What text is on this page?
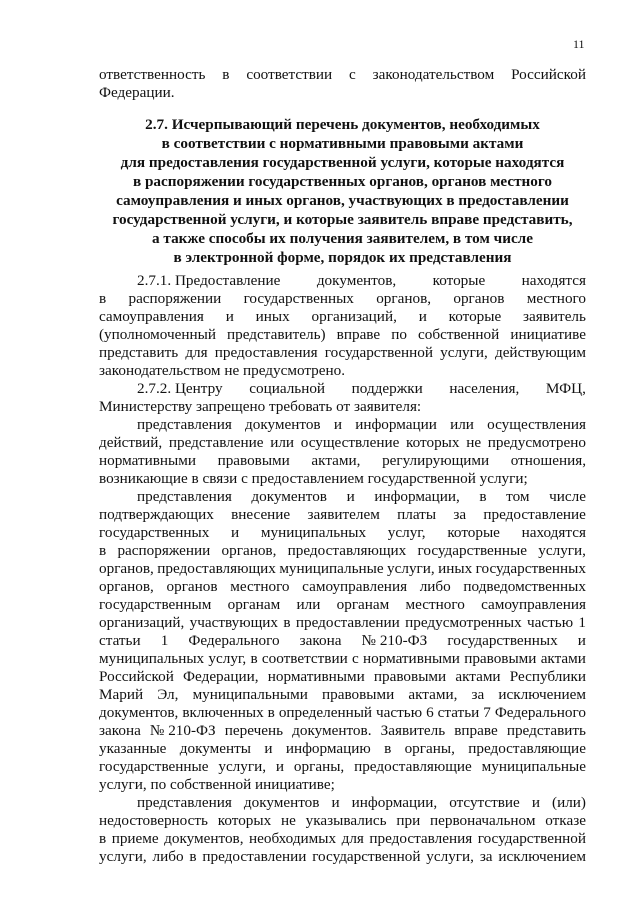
11
ответственность в соответствии с законодательством Российской
Федерации.
2.7.1. Предоставление документов, которые находятся
в распоряжении государственных органов, органов местного
самоуправления и иных организаций, и которые заявитель
(уполномоченный представитель) вправе по собственной инициативе
представить для предоставления государственной услуги, действующим
законодательством не предусмотрено.
2.7.2. Центру социальной поддержки населения, МФЦ,
Министерству запрещено требовать от заявителя:
представления документов и информации или осуществления
действий, представление или осуществление которых не предусмотрено
нормативными правовыми актами, регулирующими отношения,
возникающие в связи с предоставлением государственной услуги;
представления документов и информации, в том числе
подтверждающих внесение заявителем платы за предоставление
государственных и муниципальных услуг, которые находятся
в распоряжении органов, предоставляющих государственные услуги,
органов, предоставляющих муниципальные услуги, иных государственных
органов, органов местного самоуправления либо подведомственных
государственным органам или органам местного самоуправления
организаций, участвующих в предоставлении предусмотренных частью 1
статьи 1 Федерального закона № 210-ФЗ государственных и
муниципальных услуг, в соответствии с нормативными правовыми актами
Российской Федерации, нормативными правовыми актами Республики
Марий Эл, муниципальными правовыми актами, за исключением
документов, включенных в определенный частью 6 статьи 7 Федерального
закона № 210-ФЗ перечень документов. Заявитель вправе представить
указанные документы и информацию в органы, предоставляющие
государственные услуги, и органы, предоставляющие муниципальные
услуги, по собственной инициативе;
представления документов и информации, отсутствие и (или)
недостоверность которых не указывались при первоначальном отказе
в приеме документов, необходимых для предоставления государственной
услуги, либо в предоставлении государственной услуги, за исключением
2.7. Исчерпывающий перечень документов, необходимых
в соответствии с нормативными правовыми актами
для предоставления государственной услуги, которые находятся
в распоряжении государственных органов, органов местного
самоуправления и иных органов, участвующих в предоставлении
государственной услуги, и которые заявитель вправе представить,
а также способы их получения заявителем, в том числе
в электронной форме, порядок их представления
